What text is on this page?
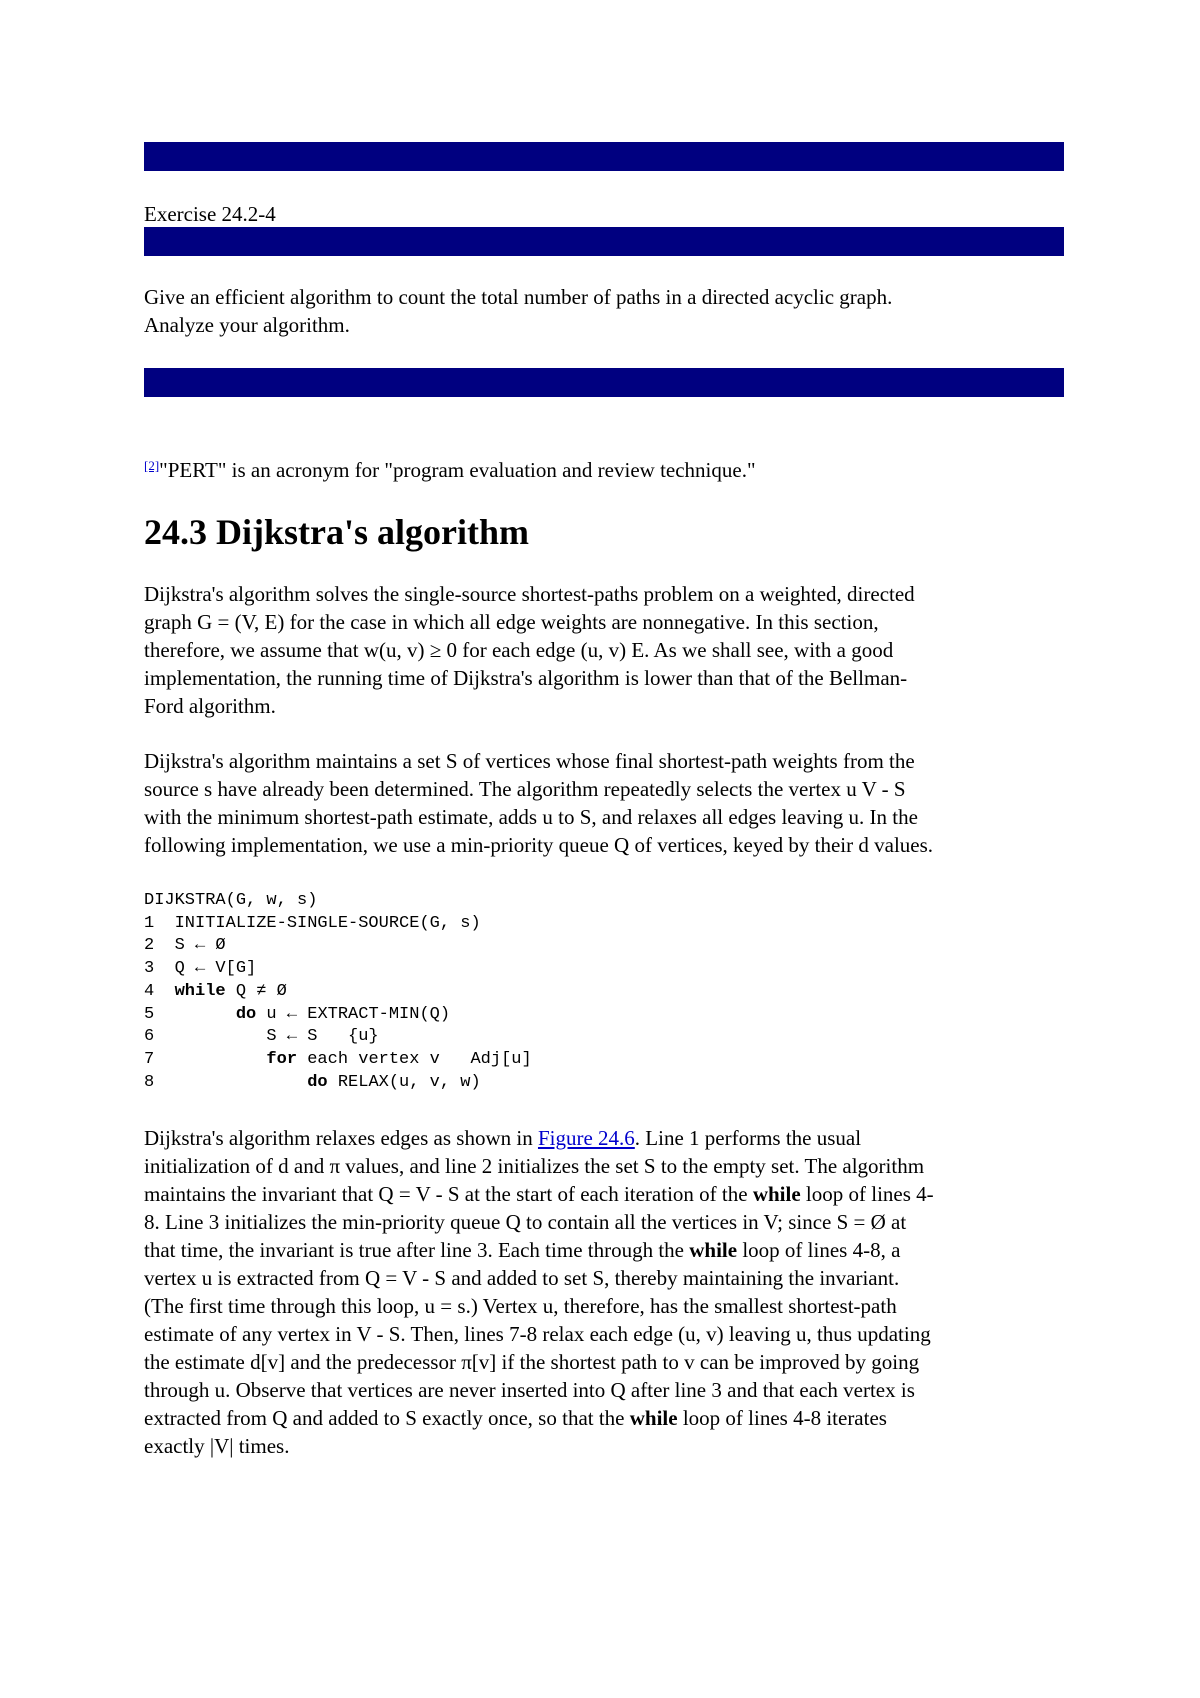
Exercise 24.2-4
Give an efficient algorithm to count the total number of paths in a directed acyclic graph.
Analyze your algorithm.
[2]"PERT" is an acronym for "program evaluation and review technique."
24.3 Dijkstra's algorithm
Dijkstra's algorithm solves the single-source shortest-paths problem on a weighted, directed
graph G = (V, E) for the case in which all edge weights are nonnegative. In this section,
therefore, we assume that w(u, v) ≥ 0 for each edge (u, v) E. As we shall see, with a good
implementation, the running time of Dijkstra's algorithm is lower than that of the Bellman-
Ford algorithm.
Dijkstra's algorithm maintains a set S of vertices whose final shortest-path weights from the
source s have already been determined. The algorithm repeatedly selects the vertex u V - S
with the minimum shortest-path estimate, adds u to S, and relaxes all edges leaving u. In the
following implementation, we use a min-priority queue Q of vertices, keyed by their d values.
DIJKSTRA(G, w, s)
1  INITIALIZE-SINGLE-SOURCE(G, s)
2  S ← Ø
3  Q ← V[G]
4  while Q ≠ Ø
5        do u ← EXTRACT-MIN(Q)
6           S ← S   {u}
7           for each vertex v   Adj[u]
8               do RELAX(u, v, w)
Dijkstra's algorithm relaxes edges as shown in Figure 24.6. Line 1 performs the usual
initialization of d and π values, and line 2 initializes the set S to the empty set. The algorithm
maintains the invariant that Q = V - S at the start of each iteration of the while loop of lines 4-
8. Line 3 initializes the min-priority queue Q to contain all the vertices in V; since S = Ø at
that time, the invariant is true after line 3. Each time through the while loop of lines 4-8, a
vertex u is extracted from Q = V - S and added to set S, thereby maintaining the invariant.
(The first time through this loop, u = s.) Vertex u, therefore, has the smallest shortest-path
estimate of any vertex in V - S. Then, lines 7-8 relax each edge (u, v) leaving u, thus updating
the estimate d[v] and the predecessor π[v] if the shortest path to v can be improved by going
through u. Observe that vertices are never inserted into Q after line 3 and that each vertex is
extracted from Q and added to S exactly once, so that the while loop of lines 4-8 iterates
exactly |V| times.
